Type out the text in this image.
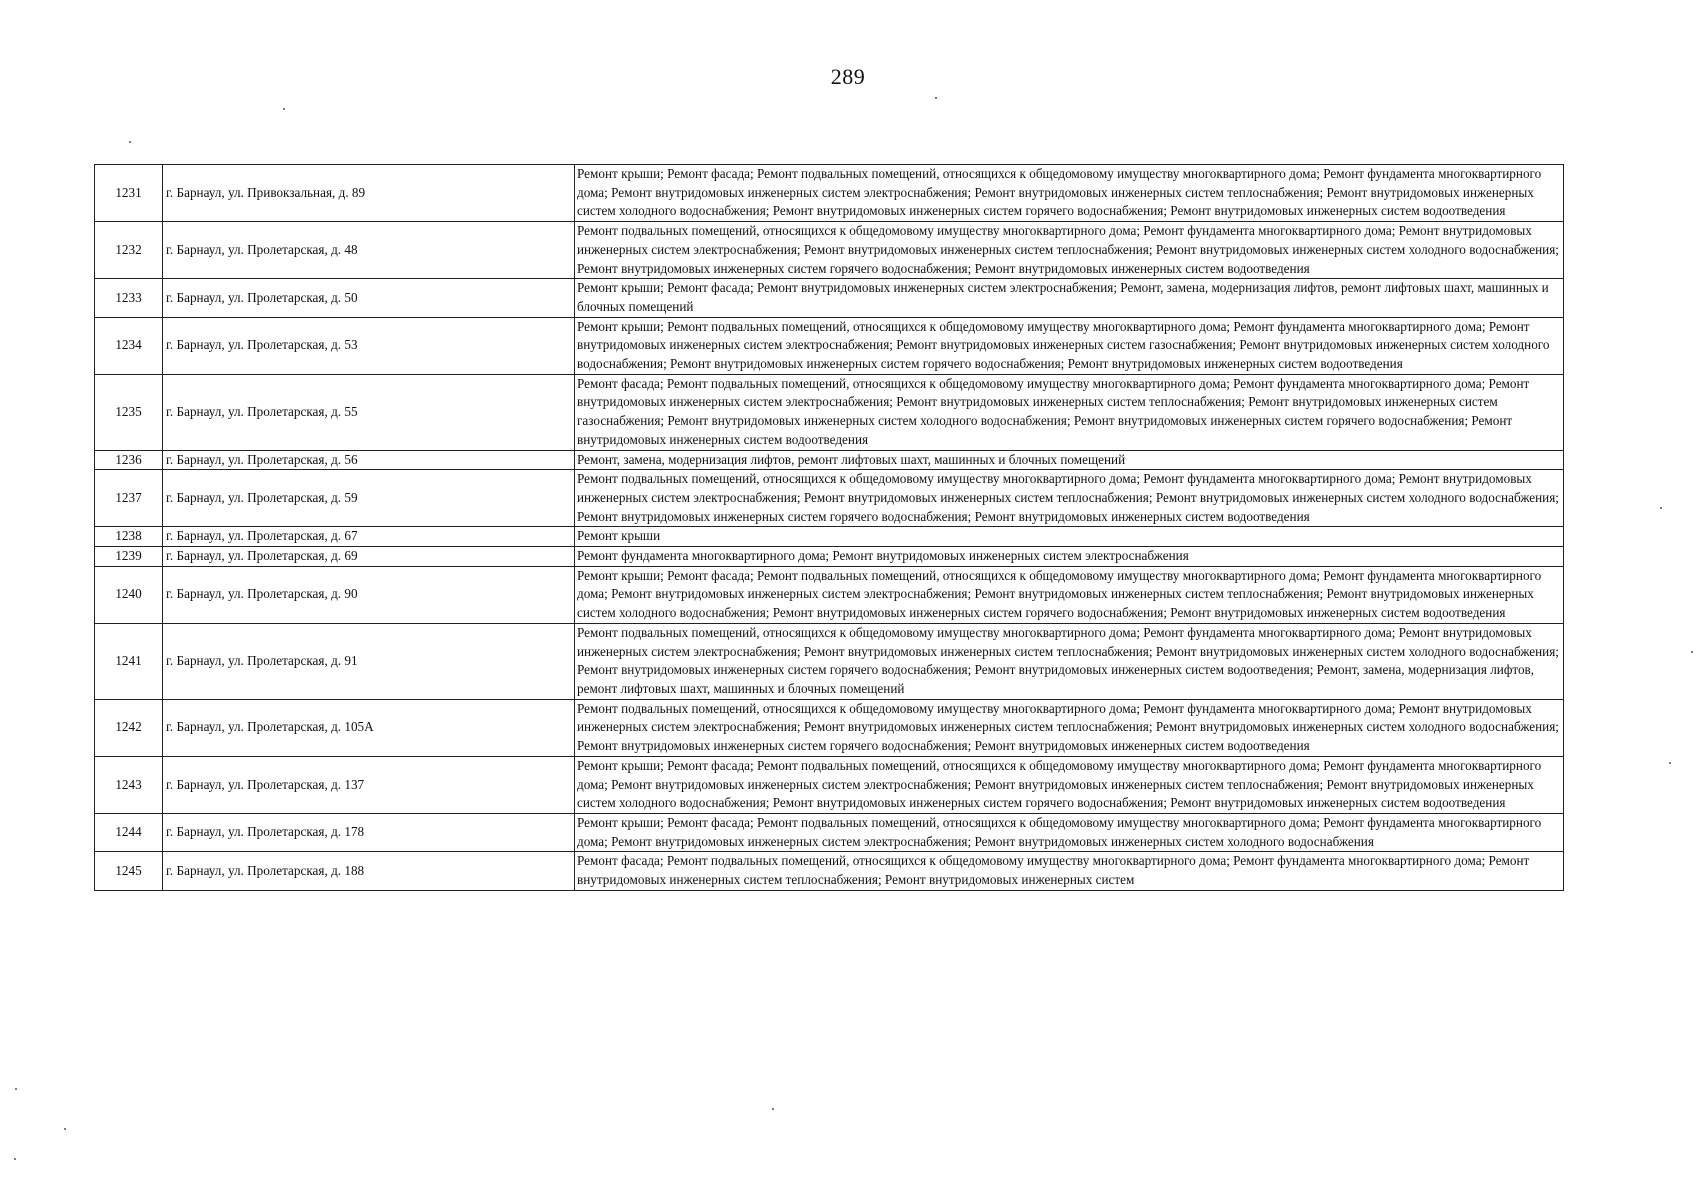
289
1231	г. Барнаул, ул. Привокзальная, д. 89	Ремонт крыши; Ремонт фасада; Ремонт подвальных помещений, относящихся к общедомовому имуществу многоквартирного дома; Ремонт фундамента многоквартирного дома; Ремонт внутридомовых инженерных систем электроснабжения; Ремонт внутридомовых инженерных систем теплоснабжения; Ремонт внутридомовых инженерных систем холодного водоснабжения; Ремонт внутридомовых инженерных систем горячего водоснабжения; Ремонт внутридомовых инженерных систем водоотведения
1232	г. Барнаул, ул. Пролетарская, д. 48	Ремонт подвальных помещений, относящихся к общедомовому имуществу многоквартирного дома; Ремонт фундамента многоквартирного дома; Ремонт внутридомовых инженерных систем электроснабжения; Ремонт внутридомовых инженерных систем теплоснабжения; Ремонт внутридомовых инженерных систем холодного водоснабжения; Ремонт внутридомовых инженерных систем горячего водоснабжения; Ремонт внутридомовых инженерных систем водоотведения
1233	г. Барнаул, ул. Пролетарская, д. 50	Ремонт крыши; Ремонт фасада; Ремонт внутридомовых инженерных систем электроснабжения; Ремонт, замена, модернизация лифтов, ремонт лифтовых шахт, машинных и блочных помещений
1234	г. Барнаул, ул. Пролетарская, д. 53	Ремонт крыши; Ремонт подвальных помещений, относящихся к общедомовому имуществу многоквартирного дома; Ремонт фундамента многоквартирного дома; Ремонт внутридомовых инженерных систем электроснабжения; Ремонт внутридомовых инженерных систем газоснабжения; Ремонт внутридомовых инженерных систем холодного водоснабжения; Ремонт внутридомовых инженерных систем горячего водоснабжения; Ремонт внутридомовых инженерных систем водоотведения
1235	г. Барнаул, ул. Пролетарская, д. 55	Ремонт фасада; Ремонт подвальных помещений, относящихся к общедомовому имуществу многоквартирного дома; Ремонт фундамента многоквартирного дома; Ремонт внутридомовых инженерных систем электроснабжения; Ремонт внутридомовых инженерных систем теплоснабжения; Ремонт внутридомовых инженерных систем газоснабжения; Ремонт внутридомовых инженерных систем холодного водоснабжения; Ремонт внутридомовых инженерных систем горячего водоснабжения; Ремонт внутридомовых инженерных систем водоотведения
1236	г. Барнаул, ул. Пролетарская, д. 56	Ремонт, замена, модернизация лифтов, ремонт лифтовых шахт, машинных и блочных помещений
1237	г. Барнаул, ул. Пролетарская, д. 59	Ремонт подвальных помещений, относящихся к общедомовому имуществу многоквартирного дома; Ремонт фундамента многоквартирного дома; Ремонт внутридомовых инженерных систем электроснабжения; Ремонт внутридомовых инженерных систем теплоснабжения; Ремонт внутридомовых инженерных систем холодного водоснабжения; Ремонт внутридомовых инженерных систем горячего водоснабжения; Ремонт внутридомовых инженерных систем водоотведения
1238	г. Барнаул, ул. Пролетарская, д. 67	Ремонт крыши
1239	г. Барнаул, ул. Пролетарская, д. 69	Ремонт фундамента многоквартирного дома; Ремонт внутридомовых инженерных систем электроснабжения
1240	г. Барнаул, ул. Пролетарская, д. 90	Ремонт крыши; Ремонт фасада; Ремонт подвальных помещений, относящихся к общедомовому имуществу многоквартирного дома; Ремонт фундамента многоквартирного дома; Ремонт внутридомовых инженерных систем электроснабжения; Ремонт внутридомовых инженерных систем теплоснабжения; Ремонт внутридомовых инженерных систем холодного водоснабжения; Ремонт внутридомовых инженерных систем горячего водоснабжения; Ремонт внутридомовых инженерных систем водоотведения
1241	г. Барнаул, ул. Пролетарская, д. 91	Ремонт подвальных помещений, относящихся к общедомовому имуществу многоквартирного дома; Ремонт фундамента многоквартирного дома; Ремонт внутридомовых инженерных систем электроснабжения; Ремонт внутридомовых инженерных систем теплоснабжения; Ремонт внутридомовых инженерных систем холодного водоснабжения; Ремонт внутридомовых инженерных систем горячего водоснабжения; Ремонт внутридомовых инженерных систем водоотведения; Ремонт, замена, модернизация лифтов, ремонт лифтовых шахт, машинных и блочных помещений
1242	г. Барнаул, ул. Пролетарская, д. 105А	Ремонт подвальных помещений, относящихся к общедомовому имуществу многоквартирного дома; Ремонт фундамента многоквартирного дома; Ремонт внутридомовых инженерных систем электроснабжения; Ремонт внутридомовых инженерных систем теплоснабжения; Ремонт внутридомовых инженерных систем холодного водоснабжения; Ремонт внутридомовых инженерных систем горячего водоснабжения; Ремонт внутридомовых инженерных систем водоотведения
1243	г. Барнаул, ул. Пролетарская, д. 137	Ремонт крыши; Ремонт фасада; Ремонт подвальных помещений, относящихся к общедомовому имуществу многоквартирного дома; Ремонт фундамента многоквартирного дома; Ремонт внутридомовых инженерных систем электроснабжения; Ремонт внутридомовых инженерных систем теплоснабжения; Ремонт внутридомовых инженерных систем холодного водоснабжения; Ремонт внутридомовых инженерных систем горячего водоснабжения; Ремонт внутридомовых инженерных систем водоотведения
1244	г. Барнаул, ул. Пролетарская, д. 178	Ремонт крыши; Ремонт фасада; Ремонт подвальных помещений, относящихся к общедомовому имуществу многоквартирного дома; Ремонт фундамента многоквартирного дома; Ремонт внутридомовых инженерных систем электроснабжения; Ремонт внутридомовых инженерных систем холодного водоснабжения
1245	г. Барнаул, ул. Пролетарская, д. 188	Ремонт фасада; Ремонт подвальных помещений, относящихся к общедомовому имуществу многоквартирного дома; Ремонт фундамента многоквартирного дома; Ремонт внутридомовых инженерных систем теплоснабжения; Ремонт внутридомовых инженерных систем
